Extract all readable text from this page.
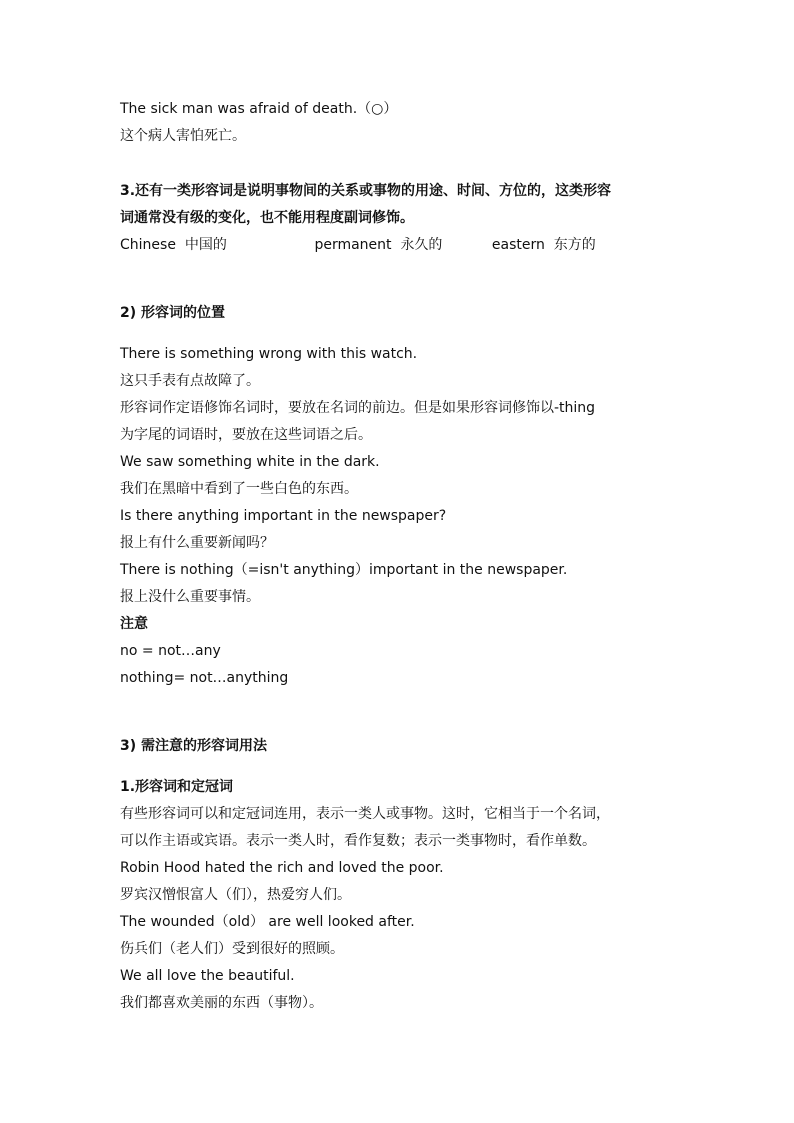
The sick man was afraid of death.（○）
这个病人害怕死亡。
3.还有一类形容词是说明事物间的关系或事物的用途、时间、方位的，这类形容
词通常没有级的变化，也不能用程度副词修饰。
Chinese 中国的	permanent 永久的	eastern 东方的
2) 形容词的位置
There is something wrong with this watch.
这只手表有点故障了。
形容词作定语修饰名词时，要放在名词的前边。但是如果形容词修饰以-thing
为字尾的词语时，要放在这些词语之后。
We saw something white in the dark.
我们在黑暗中看到了一些白色的东西。
Is there anything important in the newspaper?
报上有什么重要新闻吗？
There is nothing（=isn't anything）important in the newspaper.
报上没什么重要事情。
注意
no = not…any
nothing= not…anything
3) 需注意的形容词用法
1.形容词和定冠词
有些形容词可以和定冠词连用，表示一类人或事物。这时，它相当于一个名词，
可以作主语或宾语。表示一类人时，看作复数；表示一类事物时，看作单数。
Robin Hood hated the rich and loved the poor.
罗宾汉憎恨富人（们），热爱穷人们。
The wounded（old） are well looked after.
伤兵们（老人们）受到很好的照顾。
We all love the beautiful.
我们都喜欢美丽的东西（事物）。
